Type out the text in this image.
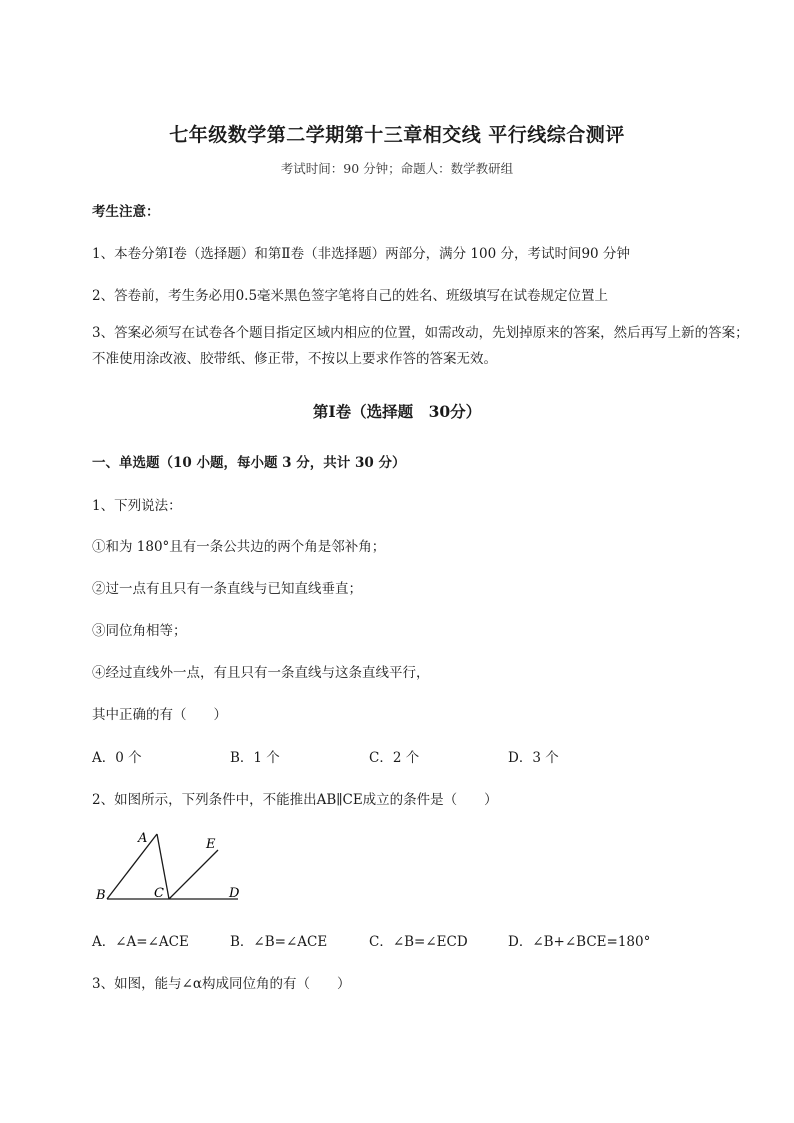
七年级数学第二学期第十三章相交线 平行线综合测评
考试时间：90 分钟；命题人：数学教研组
考生注意：
1、本卷分第Ⅰ卷（选择题）和第Ⅱ卷（非选择题）两部分，满分 100 分，考试时间90 分钟
2、答卷前，考生务必用0.5毫米黑色签字笔将自己的姓名、班级填写在试卷规定位置上
3、答案必须写在试卷各个题目指定区域内相应的位置，如需改动，先划掉原来的答案，然后再写上新的答案；不准使用涂改液、胶带纸、修正带，不按以上要求作答的答案无效。
第Ⅰ卷（选择题　30分）
一、单选题（10 小题，每小题 3 分，共计 30 分）
1、下列说法：
①和为 180°且有一条公共边的两个角是邻补角；
②过一点有且只有一条直线与已知直线垂直；
③同位角相等；
④经过直线外一点，有且只有一条直线与这条直线平行，
其中正确的有（　　）
A．0 个	B．1 个	C．2 个	D．3 个
2、如图所示，下列条件中，不能推出AB∥CE成立的条件是（　　）
A
B	C	D
E
A．∠A=∠ACE	B．∠B=∠ACE	C．∠B=∠ECD	D．∠B+∠BCE=180°
3、如图，能与∠α构成同位角的有（　　）
